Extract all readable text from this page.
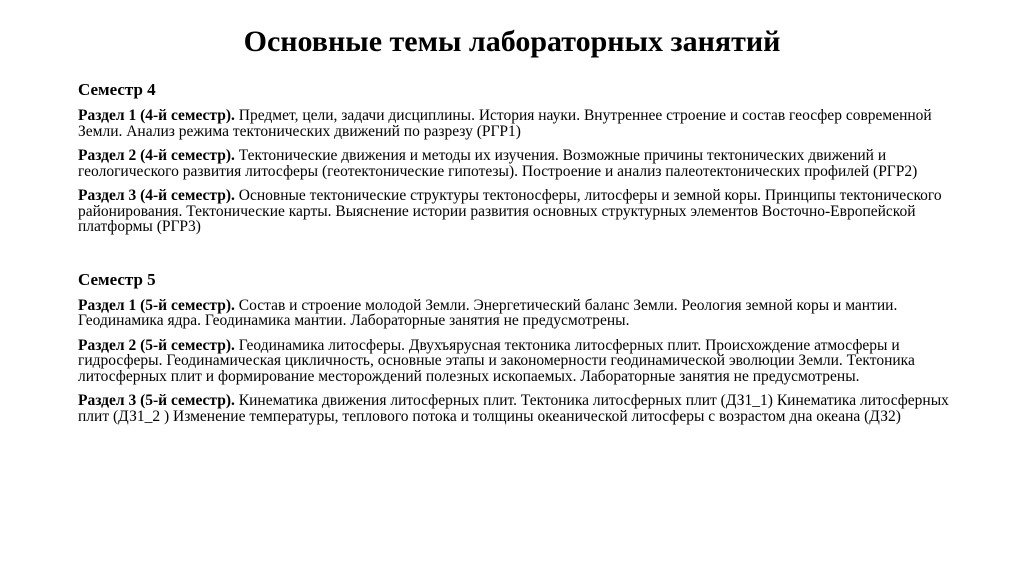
Основные темы лабораторных занятий
Семестр 4

Раздел 1 (4-й семестр). Предмет, цели, задачи дисциплины. История науки. Внутреннее строение и состав геосфер современной Земли. Анализ режима тектонических движений по разрезу (РГР1)

Раздел 2 (4-й семестр). Тектонические движения и методы их изучения. Возможные причины тектонических движений и геологического развития литосферы (геотектонические гипотезы). Построение и анализ палеотектонических профилей (РГР2)

Раздел 3 (4-й семестр). Основные тектонические структуры тектоносферы, литосферы и земной коры. Принципы тектонического районирования. Тектонические карты. Выяснение истории развития основных структурных элементов Восточно-Европейской платформы (РГР3)

Семестр 5

Раздел 1 (5-й семестр). Состав и строение молодой Земли. Энергетический баланс Земли. Реология земной коры и мантии. Геодинамика ядра. Геодинамика мантии. Лабораторные занятия не предусмотрены.

Раздел 2 (5-й семестр). Геодинамика литосферы. Двухъярусная тектоника литосферных плит. Происхождение атмосферы и гидросферы. Геодинамическая цикличность, основные этапы и закономерности геодинамической эволюции Земли. Тектоника литосферных плит и формирование месторождений полезных ископаемых. Лабораторные занятия не предусмотрены.

Раздел 3 (5-й семестр). Кинематика движения литосферных плит. Тектоника литосферных плит (ДЗ1_1) Кинематика литосферных плит (ДЗ1_2 ) Изменение температуры, теплового потока и толщины океанической литосферы с возрастом дна океана (ДЗ2)
